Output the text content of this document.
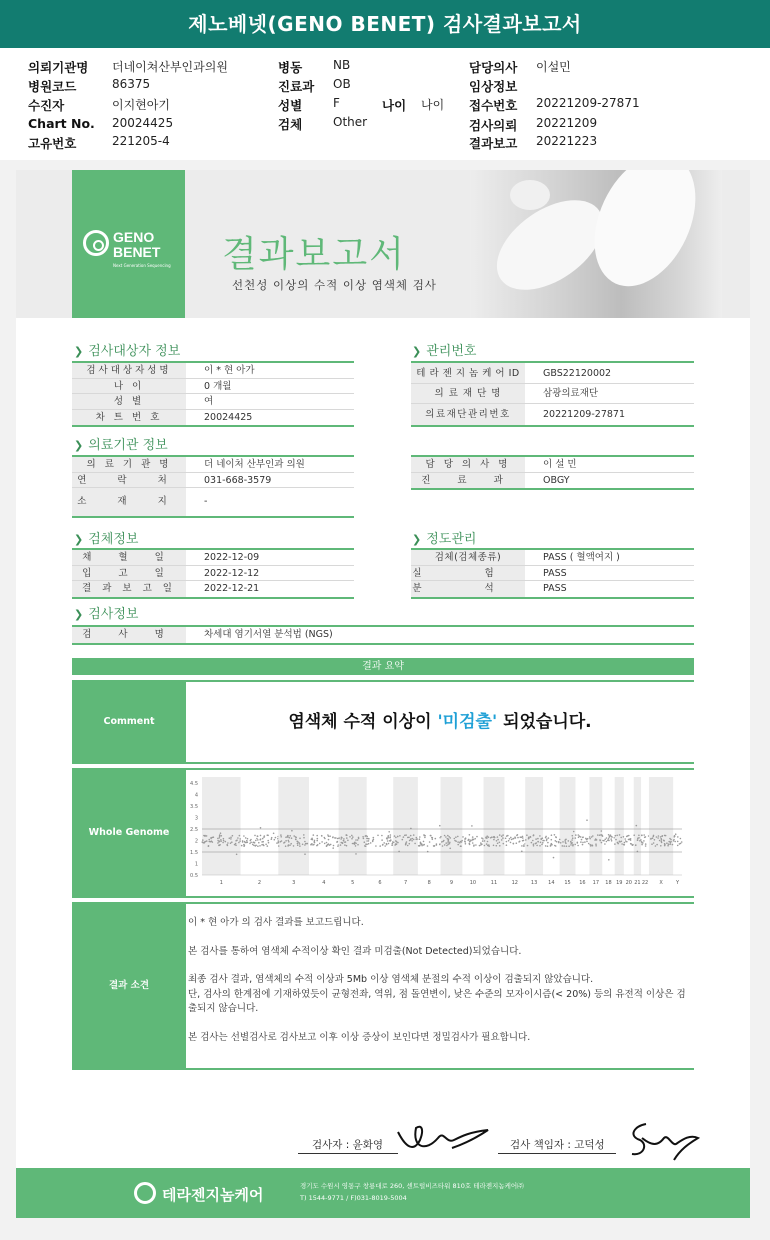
제노베넷(GENO BENET) 검사결과보고서
의뢰기관명 더네이쳐산부인과의원
병원코드	86375
수진자	이지현아기
Chart No. 20024425
고유번호	221205-4
병동	NB
진료과 OB
성별	F	나이 나이
검체	Other
담당의사 이설민
임상정보
접수번호 20221209-27871
검사의뢰 20221209
결과보고 20221223
GENO
BENET
Next Generation Sequencing 결과보고서
선천성 이상의 수적 이상 염색체 검사
❯ 검사대상자 정보
검사대상자성명	이 * 현 아가
나 이	0 개월
성 별	여
차 트 번 호	20024425
❯ 관리번호
테 라 젠 지 놈 케 어 ID	GBS22120002
의 료 재 단 명	삼광의료재단
의료재단관리번호	20221209-27871
❯ 의료기관 정보
의 료 기 관 명	더 네이처 산부인과 의원
연 락 처	031-668-3579
소 재 지	-
담 당 의 사 명	이 설 민
진 료 과	OBGY
❯ 검체정보
채 혈 일	2022-12-09
입 고 일	2022-12-12
결 과 보 고 일	2022-12-21
❯ 정도관리
검체(검체종류)	PASS ( 혈액여지 )
실 험 PASS
분 석 PASS
❯ 검사정보
검 사 명	차세대 염기서열 분석법 (NGS)
결과 요약
Comment	염색체 수적 이상이 '미검출' 되었습니다.
Whole Genome
4.5
4
3.5
3
2.5
2
1.5
1
0.5
1	2	3	4	5	6	7	8	9	10	11	12	13 14 15 16 17 18 19 20 21 22 X	Y
결과 소견

이 * 현 아가 의 검사 결과를 보고드립니다.

본 검사를 통하여 염색체 수적이상 확인 결과 미검출(Not Detected)되었습니다.

최종 검사 결과, 염색체의 수적 이상과 5Mb 이상 염색체 분절의 수적 이상이 검출되지 않았습니다.

단, 검사의 한계점에 기재하였듯이 균형전좌, 역위, 점 돌연변이, 낮은 수준의 모자이시즘(< 20%) 등의 유전적 이상은 검출되지 않습니다.

본 검사는 선별검사로 검사보고 이후 이상 증상이 보인다면 정밀검사가 필요합니다.

검사자 : 윤화영	검사 책임자 : 고덕성
테라젠지놈케어	경기도 수원시 영통구 창룡대로 260, 센트럴비즈타워 810호 테라젠지놈케어㈜
T) 1544-9771 / F)031-8019-5004
